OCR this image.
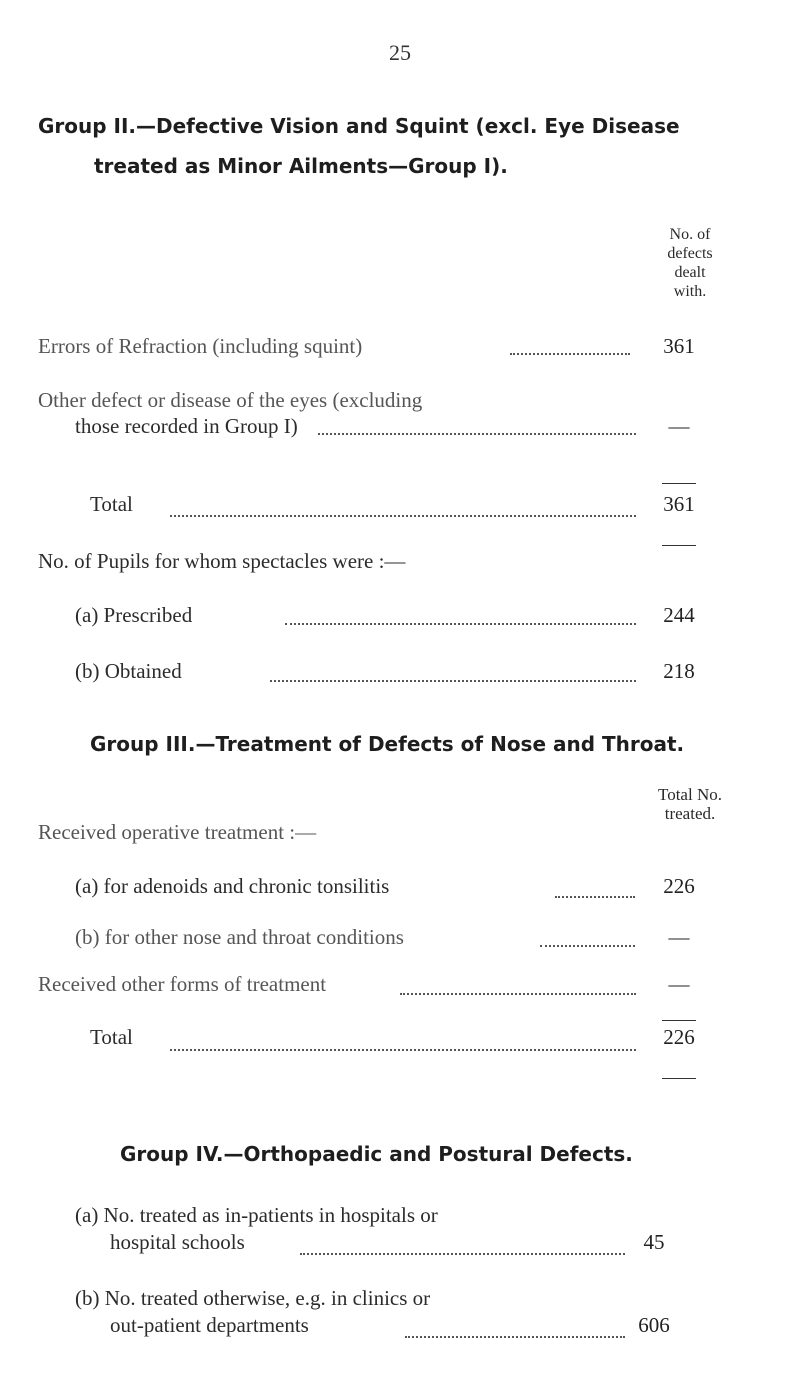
25
Group II.—Defective Vision and Squint (excl. Eye Disease
treated as Minor Ailments—Group I).
No. of
defects
dealt
with.
Errors of Refraction (including squint)	361
Other defect or disease of the eyes (excluding
those recorded in Group I)	—
Total	361
No. of Pupils for whom spectacles were :—
(a) Prescribed	244
(b) Obtained	218
Group III.—Treatment of Defects of Nose and Throat.
Total No.
treated.
Received operative treatment :—
(a) for adenoids and chronic tonsilitis	226
(b) for other nose and throat conditions	—
Received other forms of treatment	—
Total	226
Group IV.—Orthopaedic and Postural Defects.
(a) No. treated as in-patients in hospitals or
hospital schools	45
(b) No. treated otherwise, e.g. in clinics or
out-patient departments	606
